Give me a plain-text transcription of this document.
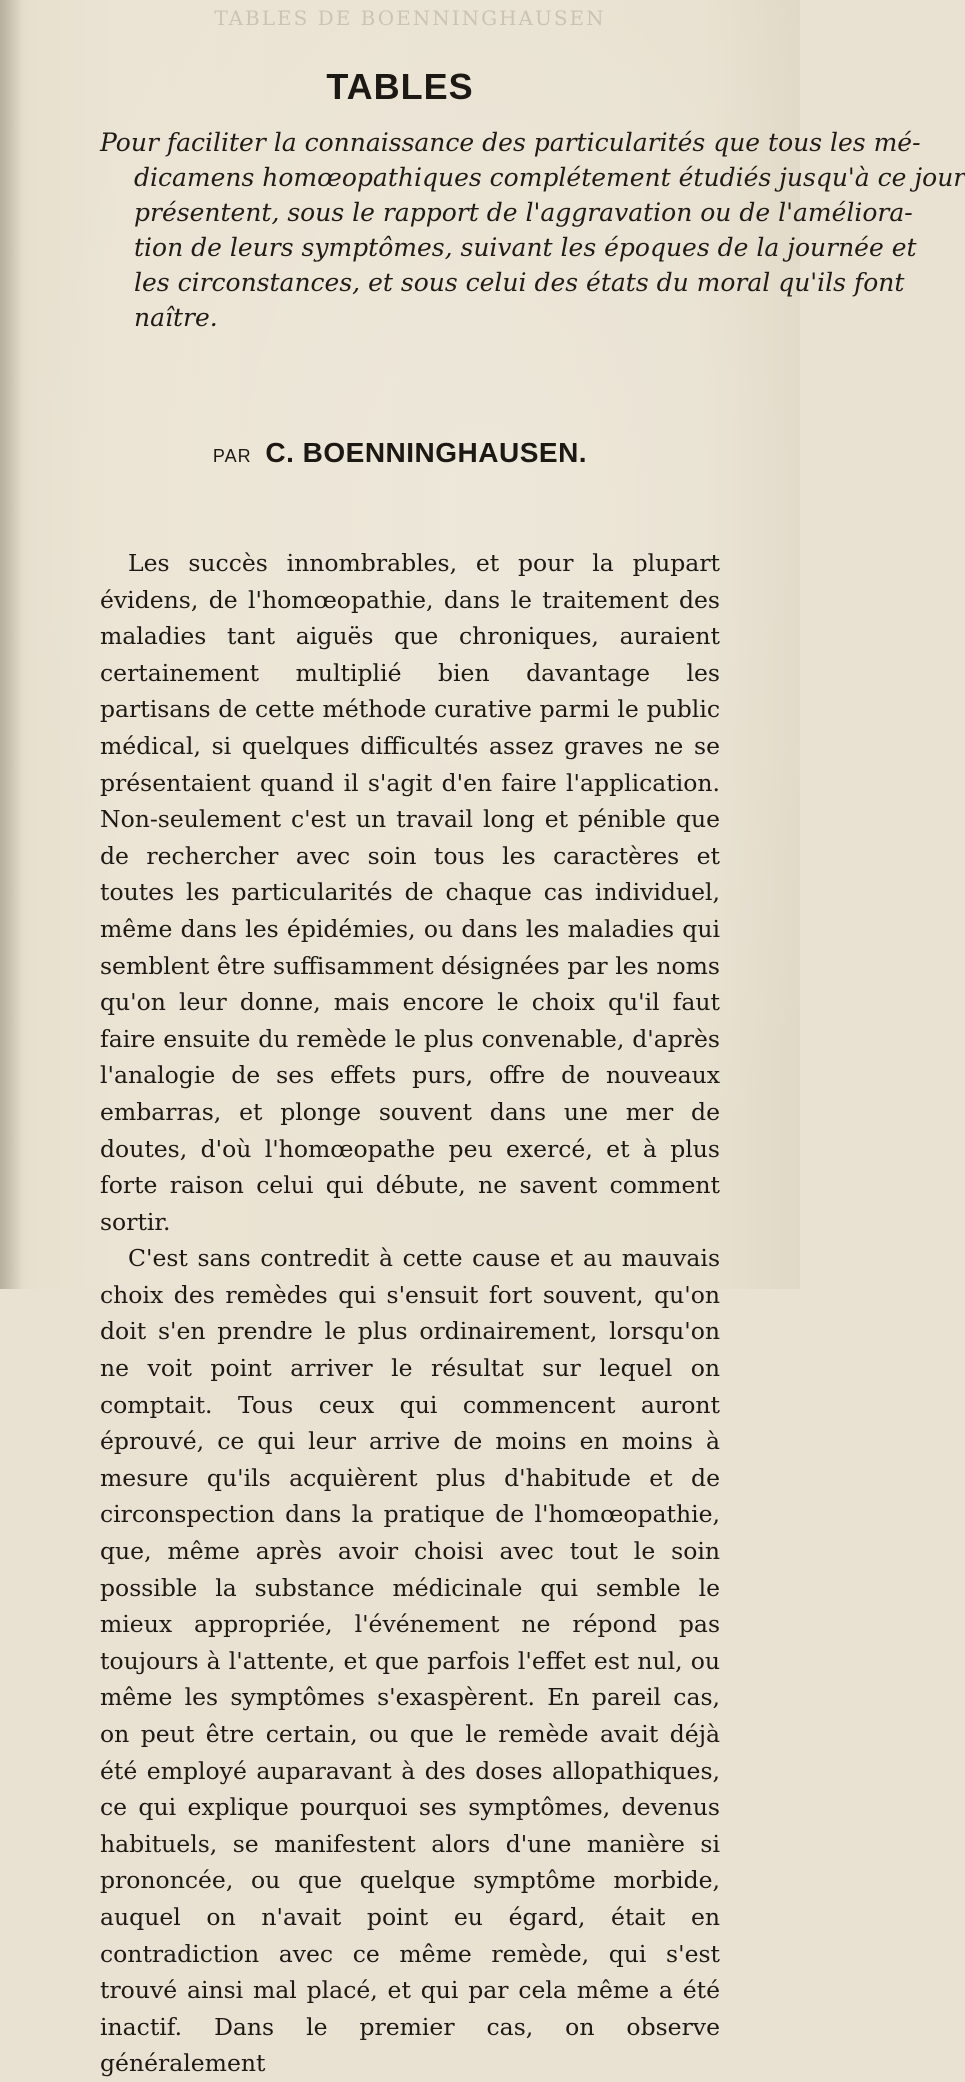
TABLES DE BOENNINGHAUSEN
TABLES
Pour faciliter la connaissance des particularités que tous les mé-
dicamens homœopathiques complétement étudiés jusqu'à ce jour
présentent, sous le rapport de l'aggravation ou de l'améliora-
tion de leurs symptômes, suivant les époques de la journée et
les circonstances, et sous celui des états du moral qu'ils font
naître.
PAR C. BOENNINGHAUSEN.

Les succès innombrables, et pour la plupart évidens, de l'homœopathie, dans le traitement des maladies tant aiguës que chroniques, auraient certainement multiplié bien davantage les partisans de cette méthode curative parmi le public médical, si quelques difficultés assez graves ne se présentaient quand il s'agit d'en faire l'application. Non-seulement c'est un travail long et pénible que de rechercher avec soin tous les caractères et toutes les particularités de chaque cas individuel, même dans les épidémies, ou dans les maladies qui semblent être suffisamment désignées par les noms qu'on leur donne, mais encore le choix qu'il faut faire ensuite du remède le plus convenable, d'après l'analogie de ses effets purs, offre de nouveaux embarras, et plonge souvent dans une mer de doutes, d'où l'homœopathe peu exercé, et à plus forte raison celui qui débute, ne savent comment sortir.

C'est sans contredit à cette cause et au mauvais choix des remèdes qui s'ensuit fort souvent, qu'on doit s'en prendre le plus ordinairement, lorsqu'on ne voit point arriver le résultat sur lequel on comptait. Tous ceux qui commencent auront éprouvé, ce qui leur arrive de moins en moins à mesure qu'ils acquièrent plus d'habitude et de circonspection dans la pratique de l'homœopathie, que, même après avoir choisi avec tout le soin possible la substance médicinale qui semble le mieux appropriée, l'événement ne répond pas toujours à l'attente, et que parfois l'effet est nul, ou même les symptômes s'exaspèrent. En pareil cas, on peut être certain, ou que le remède avait déjà été employé auparavant à des doses allopathiques, ce qui explique pourquoi ses symptômes, devenus habituels, se manifestent alors d'une manière si prononcée, ou que quelque symptôme morbide, auquel on n'avait point eu égard, était en contradiction avec ce même remède, qui s'est trouvé ainsi mal placé, et qui par cela même a été inactif. Dans le premier cas, on observe généralement
